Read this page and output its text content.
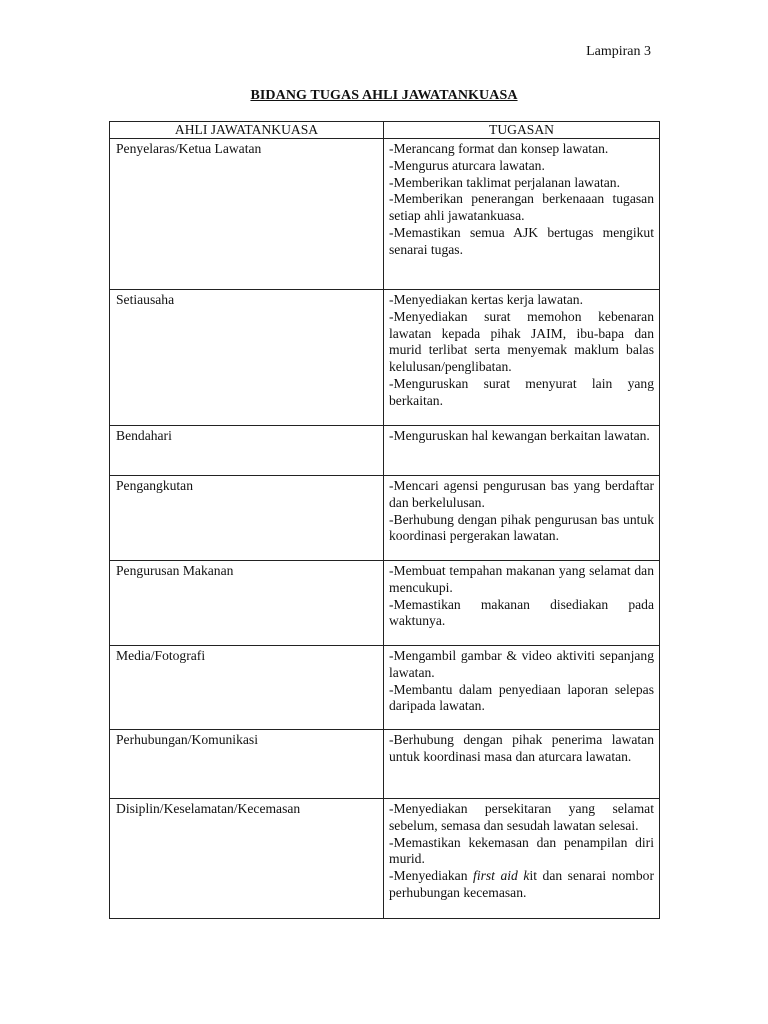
Lampiran 3
BIDANG TUGAS AHLI JAWATANKUASA
AHLI JAWATANKUASA	TUGASAN
Penyelaras/Ketua Lawatan	-Merancang format dan konsep lawatan.
-Mengurus aturcara lawatan.
-Memberikan taklimat perjalanan lawatan.
-Memberikan penerangan berkenaaan tugasan setiap ahli jawatankuasa.
-Memastikan semua AJK bertugas mengikut senarai tugas.

Setiausaha	-Menyediakan kertas kerja lawatan.
-Menyediakan surat memohon kebenaran lawatan kepada pihak JAIM, ibu-bapa dan murid terlibat serta menyemak maklum balas kelulusan/penglibatan.
-Menguruskan surat menyurat lain yang berkaitan.

Bendahari	-Menguruskan hal kewangan berkaitan lawatan.

Pengangkutan	-Mencari agensi pengurusan bas yang berdaftar dan berkelulusan.
-Berhubung dengan pihak pengurusan bas untuk koordinasi pergerakan lawatan.

Pengurusan Makanan	-Membuat tempahan makanan yang selamat dan mencukupi.
-Memastikan makanan disediakan pada waktunya.

Media/Fotografi	-Mengambil gambar & video aktiviti sepanjang lawatan.
-Membantu dalam penyediaan laporan selepas daripada lawatan.

Perhubungan/Komunikasi	-Berhubung dengan pihak penerima lawatan untuk koordinasi masa dan aturcara lawatan.

Disiplin/Keselamatan/Kecemasan	-Menyediakan persekitaran yang selamat sebelum, semasa dan sesudah lawatan selesai.
-Memastikan kekemasan dan penampilan diri murid.
-Menyediakan first aid kit dan senarai nombor perhubungan kecemasan.
